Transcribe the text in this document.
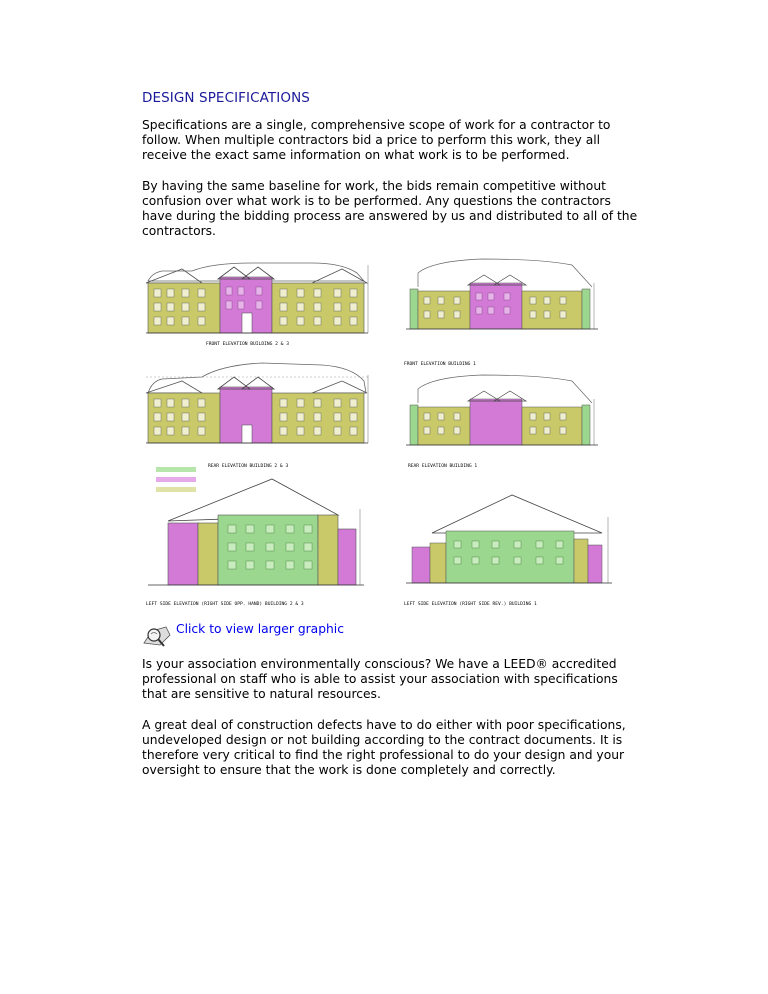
DESIGN SPECIFICATIONS

Specifications are a single, comprehensive scope of work for a contractor to follow. When multiple contractors bid a price to perform this work, they all receive the exact same information on what work is to be performed.

By having the same baseline for work, the bids remain competitive without confusion over what work is to be performed. Any questions the contractors have during the bidding process are answered by us and distributed to all of the contractors.

FRONT ELEVATION BUILDING 2 & 3
FRONT ELEVATION BUILDING 1
REAR ELEVATION BUILDING 2 & 3	REAR ELEVATION BUILDING 1
LEFT SIDE ELEVATION (RIGHT SIDE OPP. HAND) BUILDING 2 & 3	LEFT SIDE ELEVATION (RIGHT SIDE REV.) BUILDING 1
Click to view larger graphic

Is your association environmentally conscious? We have a LEED® accredited professional on staff who is able to assist your association with specifications that are sensitive to natural resources.

A great deal of construction defects have to do either with poor specifications, undeveloped design or not building according to the contract documents. It is therefore very critical to find the right professional to do your design and your oversight to ensure that the work is done completely and correctly.
